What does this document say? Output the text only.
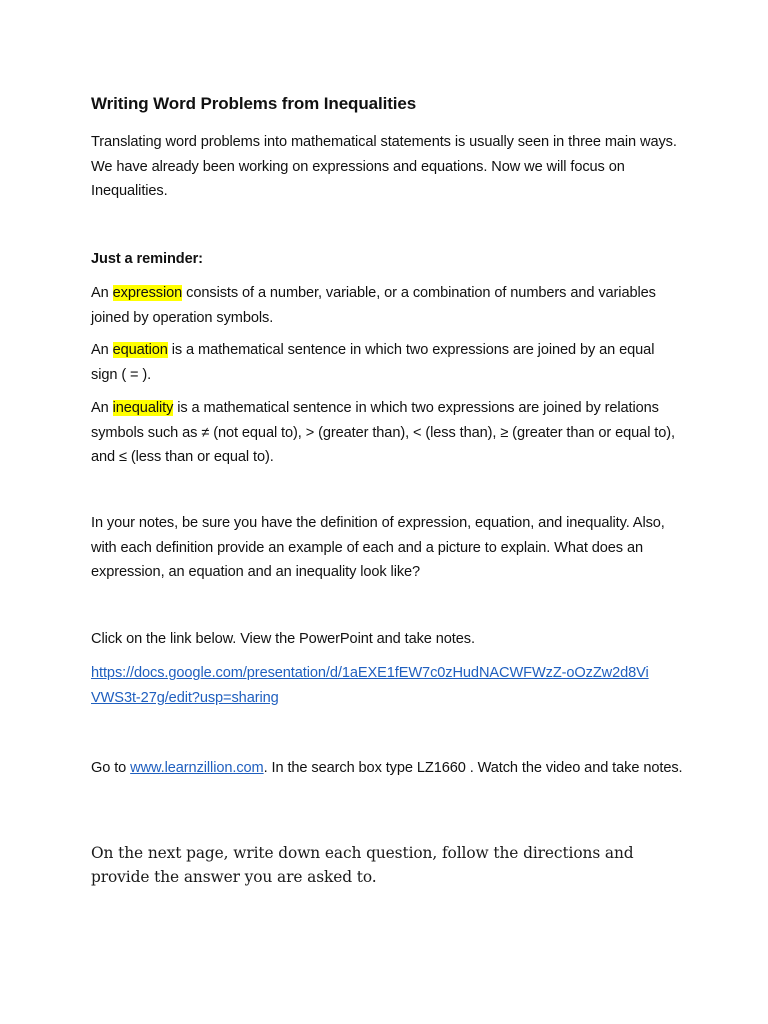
Writing Word Problems from Inequalities
Translating word problems into mathematical statements is usually seen in three main ways. We have already been working on expressions and equations. Now we will focus on Inequalities.
Just a reminder:
An expression consists of a number, variable, or a combination of numbers and variables joined by operation symbols.
An equation is a mathematical sentence in which two expressions are joined by an equal sign ( = ).
An inequality is a mathematical sentence in which two expressions are joined by relations symbols such as ≠ (not equal to), > (greater than), < (less than), ≥ (greater than or equal to), and ≤ (less than or equal to).
In your notes, be sure you have the definition of expression, equation, and inequality. Also, with each definition provide an example of each and a picture to explain. What does an expression, an equation and an inequality look like?
Click on the link below. View the PowerPoint and take notes.
https://docs.google.com/presentation/d/1aEXE1fEW7c0zHudNACWFWzZ-oOzZw2d8ViVWS3t-27g/edit?usp=sharing
Go to www.learnzillion.com. In the search box type LZ1660 . Watch the video and take notes.
On the next page, write down each question, follow the directions and provide the answer you are asked to.
